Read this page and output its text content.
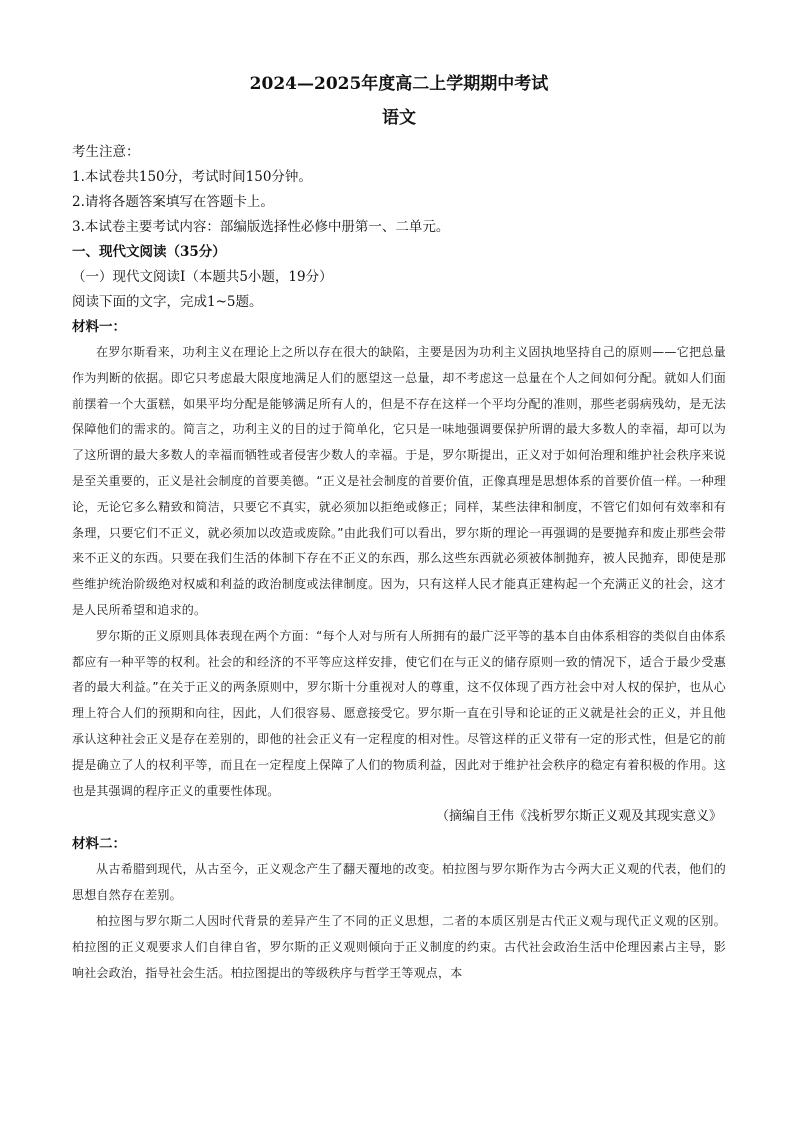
2024—2025年度高二上学期期中考试
语文

考生注意：

1.本试卷共150分，考试时间150分钟。

2.请将各题答案填写在答题卡上。

3.本试卷主要考试内容：部编版选择性必修中册第一、二单元。

一、现代文阅读（35分）

（一）现代文阅读Ⅰ（本题共5小题，19分）

阅读下面的文字，完成1~5题。

材料一：

在罗尔斯看来，功利主义在理论上之所以存在很大的缺陷，主要是因为功利主义固执地坚持自己的原则——它把总量作为判断的依据。即它只考虑最大限度地满足人们的愿望这一总量，却不考虑这一总量在个人之间如何分配。就如人们面前摆着一个大蛋糕，如果平均分配是能够满足所有人的，但是不存在这样一个平均分配的准则，那些老弱病残幼，是无法保障他们的需求的。简言之，功利主义的目的过于简单化，它只是一味地强调要保护所谓的最大多数人的幸福，却可以为了这所谓的最大多数人的幸福而牺牲或者侵害少数人的幸福。于是，罗尔斯提出，正义对于如何治理和维护社会秩序来说是至关重要的，正义是社会制度的首要美德。“正义是社会制度的首要价值，正像真理是思想体系的首要价值一样。一种理论，无论它多么精致和简洁，只要它不真实，就必须加以拒绝或修正；同样，某些法律和制度，不管它们如何有效率和有条理，只要它们不正义，就必须加以改造或废除。”由此我们可以看出，罗尔斯的理论一再强调的是要抛弃和废止那些会带来不正义的东西。只要在我们生活的体制下存在不正义的东西，那么这些东西就必须被体制抛弃，被人民抛弃，即使是那些维护统治阶级绝对权威和利益的政治制度或法律制度。因为，只有这样人民才能真正建构起一个充满正义的社会，这才是人民所希望和追求的。

罗尔斯的正义原则具体表现在两个方面：“每个人对与所有人所拥有的最广泛平等的基本自由体系相容的类似自由体系都应有一种平等的权利。社会的和经济的不平等应这样安排，使它们在与正义的储存原则一致的情况下，适合于最少受惠者的最大利益。”在关于正义的两条原则中，罗尔斯十分重视对人的尊重，这不仅体现了西方社会中对人权的保护，也从心理上符合人们的预期和向往，因此，人们很容易、愿意接受它。罗尔斯一直在引导和论证的正义就是社会的正义，并且他承认这种社会正义是存在差别的，即他的社会正义有一定程度的相对性。尽管这样的正义带有一定的形式性，但是它的前提是确立了人的权利平等，而且在一定程度上保障了人们的物质利益，因此对于维护社会秩序的稳定有着积极的作用。这也是其强调的程序正义的重要性体现。

（摘编自王伟《浅析罗尔斯正义观及其现实意义》

材料二：

从古希腊到现代，从古至今，正义观念产生了翻天覆地的改变。柏拉图与罗尔斯作为古今两大正义观的代表，他们的思想自然存在差别。

柏拉图与罗尔斯二人因时代背景的差异产生了不同的正义思想，二者的本质区别是古代正义观与现代正义观的区别。柏拉图的正义观要求人们自律自省，罗尔斯的正义观则倾向于正义制度的约束。古代社会政治生活中伦理因素占主导，影响社会政治，指导社会生活。柏拉图提出的等级秩序与哲学王等观点，本
